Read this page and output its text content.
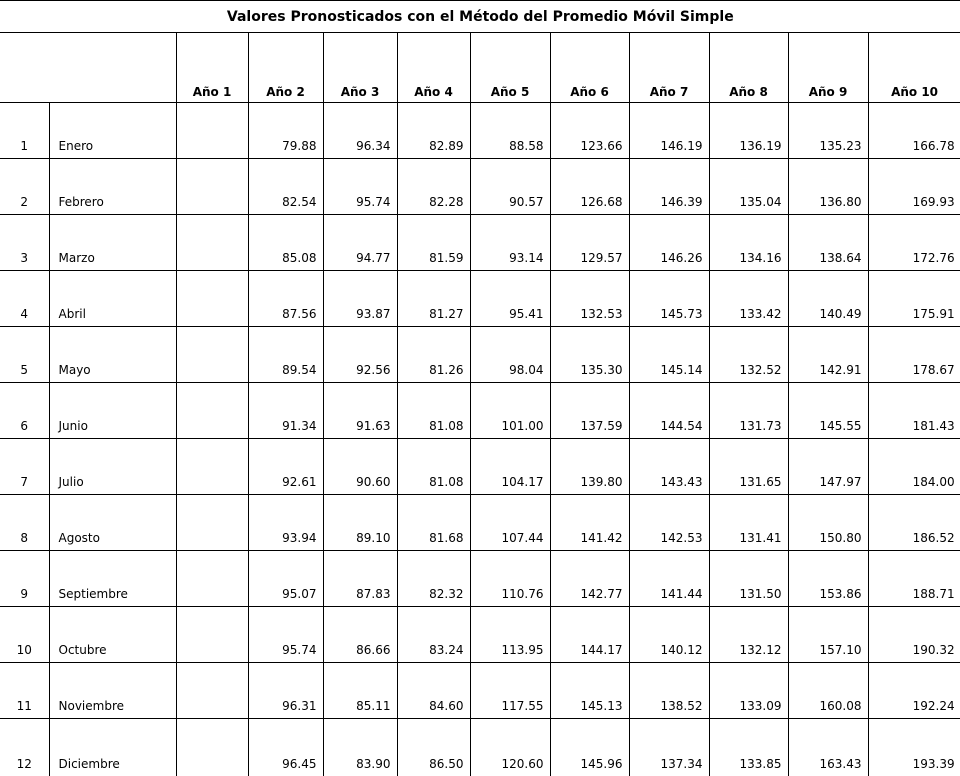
Valores Pronosticados con el Método del Promedio Móvil Simple											
		Año 1	Año 2	Año 3	Año 4	Año 5	Año 6	Año 7	Año 8	Año 9	Año 10
1	Enero		79.88	96.34	82.89	88.58	123.66	146.19	136.19	135.23	166.78
2	Febrero		82.54	95.74	82.28	90.57	126.68	146.39	135.04	136.80	169.93
3	Marzo		85.08	94.77	81.59	93.14	129.57	146.26	134.16	138.64	172.76
4	Abril		87.56	93.87	81.27	95.41	132.53	145.73	133.42	140.49	175.91
5	Mayo		89.54	92.56	81.26	98.04	135.30	145.14	132.52	142.91	178.67
6	Junio		91.34	91.63	81.08	101.00	137.59	144.54	131.73	145.55	181.43
7	Julio		92.61	90.60	81.08	104.17	139.80	143.43	131.65	147.97	184.00
8	Agosto		93.94	89.10	81.68	107.44	141.42	142.53	131.41	150.80	186.52
9	Septiembre		95.07	87.83	82.32	110.76	142.77	141.44	131.50	153.86	188.71
10	Octubre		95.74	86.66	83.24	113.95	144.17	140.12	132.12	157.10	190.32
11	Noviembre		96.31	85.11	84.60	117.55	145.13	138.52	133.09	160.08	192.24
12	Diciembre		96.45	83.90	86.50	120.60	145.96	137.34	133.85	163.43	193.39
